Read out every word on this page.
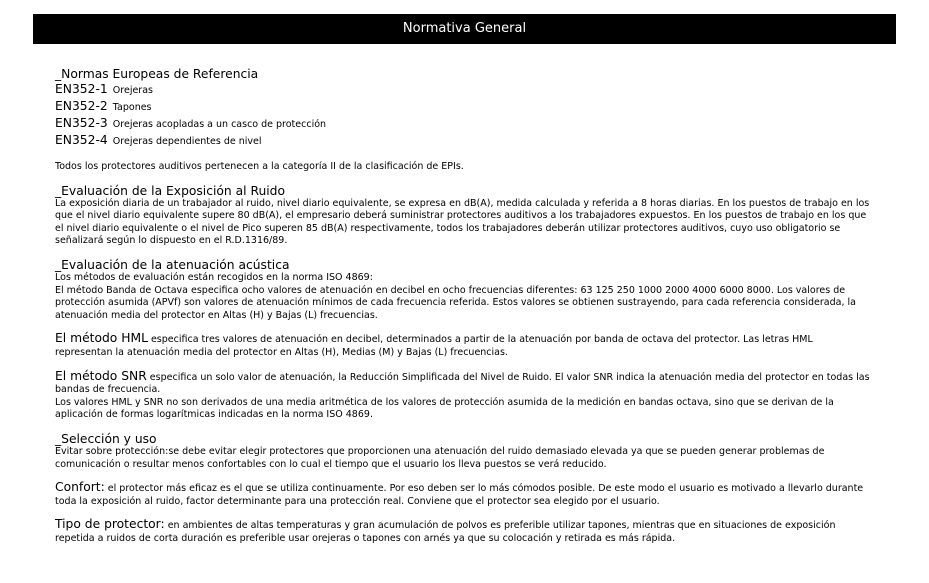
Normativa General

_Normas Europeas de Referencia

EN352-1 Orejeras

EN352-2 Tapones

EN352-3 Orejeras acopladas a un casco de protección

EN352-4 Orejeras dependientes de nivel

Todos los protectores auditivos pertenecen a la categoría II de la clasificación de EPIs.

_Evaluación de la Exposición al Ruido

La exposición diaria de un trabajador al ruido, nivel diario equivalente, se expresa en dB(A), medida calculada y referida a 8 horas diarias. En los puestos de trabajo en los que el nivel diario equivalente supere 80 dB(A), el empresario deberá suministrar protectores auditivos a los trabajadores expuestos. En los puestos de trabajo en los que el nivel diario equivalente o el nivel de Pico superen 85 dB(A) respectivamente, todos los trabajadores deberán utilizar protectores auditivos, cuyo uso obligatorio se señalizará según lo dispuesto en el R.D.1316/89.

_Evaluación de la atenuación acústica

Los métodos de evaluación están recogidos en la norma ISO 4869:
El método Banda de Octava especifica ocho valores de atenuación en decibel en ocho frecuencias diferentes: 63 125 250 1000 2000 4000 6000 8000. Los valores de protección asumida (APVf) son valores de atenuación mínimos de cada frecuencia referida. Estos valores se obtienen sustrayendo, para cada referencia considerada, la atenuación media del protector en Altas (H) y Bajas (L) frecuencias.

El método HML especifica tres valores de atenuación en decibel, determinados a partir de la atenuación por banda de octava del protector. Las letras HML representan la atenuación media del protector en Altas (H), Medias (M) y Bajas (L) frecuencias.

El método SNR especifica un solo valor de atenuación, la Reducción Simplificada del Nivel de Ruido. El valor SNR indica la atenuación media del protector en todas las bandas de frecuencia.
Los valores HML y SNR no son derivados de una media aritmética de los valores de protección asumida de la medición en bandas octava, sino que se derivan de la aplicación de formas logarítmicas indicadas en la norma ISO 4869.

_Selección y uso

Evitar sobre protección:se debe evitar elegir protectores que proporcionen una atenuación del ruido demasiado elevada ya que se pueden generar problemas de comunicación o resultar menos confortables con lo cual el tiempo que el usuario los lleva puestos se verá reducido.

Confort: el protector más eficaz es el que se utiliza continuamente. Por eso deben ser lo más cómodos posible. De este modo el usuario es motivado a llevarlo durante toda la exposición al ruido, factor determinante para una protección real. Conviene que el protector sea elegido por el usuario.

Tipo de protector: en ambientes de altas temperaturas y gran acumulación de polvos es preferible utilizar tapones, mientras que en situaciones de exposición repetida a ruidos de corta duración es preferible usar orejeras o tapones con arnés ya que su colocación y retirada es más rápida.
